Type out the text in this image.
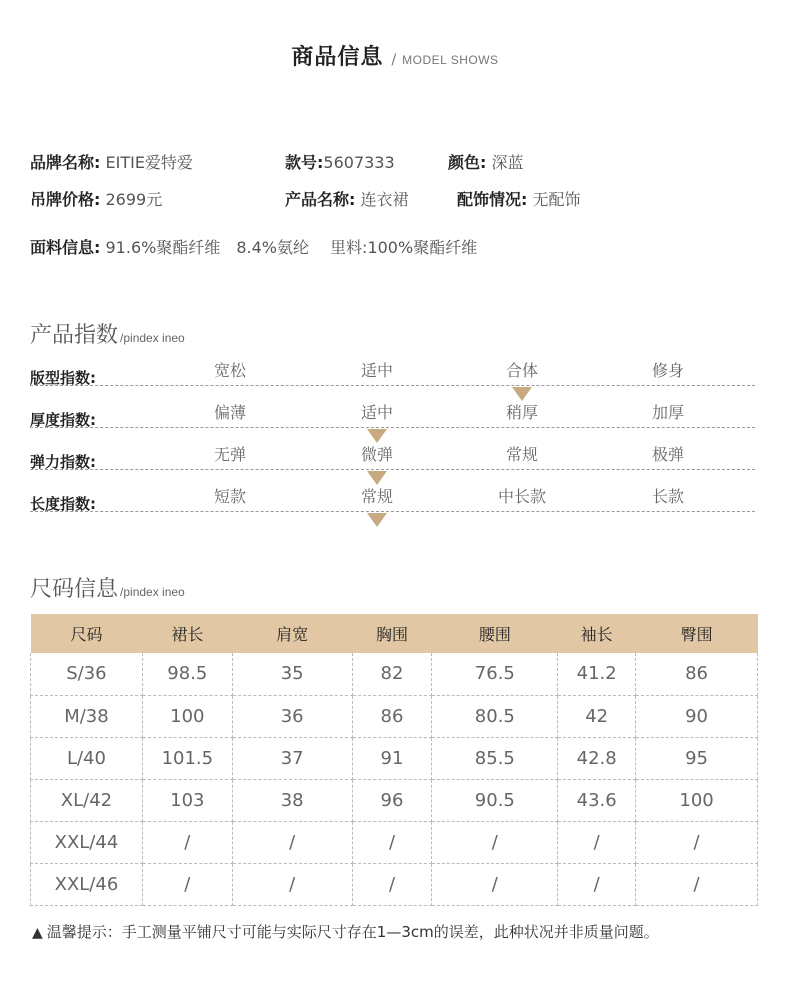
商品信息 / MODEL SHOWS
品牌名称: EITIE爱特爱	款号:5607333	颜色: 深蓝
吊牌价格: 2699元	产品名称: 连衣裙	配饰情况: 无配饰
面料信息: 91.6%聚酯纤维　8.4%氨纶　 里料:100%聚酯纤维
产品指数 /pindex ineo
版型指数:	宽松	适中	合体	修身
厚度指数:	偏薄	适中	稍厚	加厚
弹力指数:	无弹	微弹	常规	极弹
长度指数:	短款	常规	中长款	长款
尺码信息 /pindex ineo
尺码	裙长	肩宽	胸围	腰围	袖长	臀围
S/36	98.5	35	82	76.5	41.2	86
M/38	100	36	86	80.5	42	90
L/40	101.5	37	91	85.5	42.8	95
XL/42	103	38	96	90.5	43.6	100
XXL/44	/	/	/	/	/	/
XXL/46	/	/	/	/	/	/
▲ 温馨提示：手工测量平铺尺寸可能与实际尺寸存在1—3cm的误差，此种状况并非质量问题。
